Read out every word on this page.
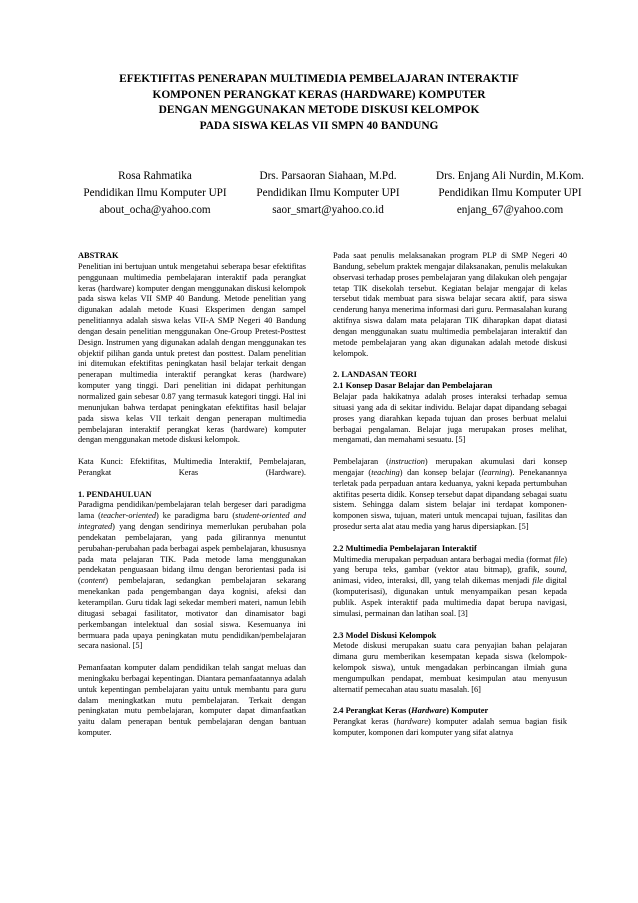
EFEKTIFITAS PENERAPAN MULTIMEDIA PEMBELAJARAN INTERAKTIF
KOMPONEN PERANGKAT KERAS (HARDWARE) KOMPUTER
DENGAN MENGGUNAKAN METODE DISKUSI KELOMPOK
PADA SISWA KELAS VII SMPN 40 BANDUNG
Rosa Rahmatika
Pendidikan Ilmu Komputer UPI
about_ocha@yahoo.com
Drs. Parsaoran Siahaan, M.Pd.
Pendidikan Ilmu Komputer UPI
saor_smart@yahoo.co.id
Drs. Enjang Ali Nurdin, M.Kom.
Pendidikan Ilmu Komputer UPI
enjang_67@yahoo.com

ABSTRAK

Penelitian ini bertujuan untuk mengetahui seberapa besar efektifitas penggunaan multimedia pembelajaran interaktif pada perangkat keras (hardware) komputer dengan menggunakan diskusi kelompok pada siswa kelas VII SMP 40 Bandung. Metode penelitian yang digunakan adalah metode Kuasi Eksperimen dengan sampel penelitiannya adalah siswa kelas VII-A SMP Negeri 40 Bandung dengan desain penelitian menggunakan One-Group Pretest-Posttest Design. Instrumen yang digunakan adalah dengan menggunakan tes objektif pilihan ganda untuk pretest dan posttest. Dalam penelitian ini ditemukan efektifitas peningkatan hasil belajar terkait dengan penerapan multimedia interaktif perangkat keras (hardware) komputer yang tinggi. Dari penelitian ini didapat perhitungan normalized gain sebesar 0.87 yang termasuk kategori tinggi. Hal ini menunjukan bahwa terdapat peningkatan efektifitas hasil belajar pada siswa kelas VII terkait dengan penerapan multimedia pembelajaran interaktif perangkat keras (hardware) komputer dengan menggunakan metode diskusi kelompok.

Kata Kunci: Efektifitas, Multimedia Interaktif, Pembelajaran, Perangkat Keras (Hardware).

1. PENDAHULUAN

Paradigma pendidikan/pembelajaran telah bergeser dari paradigma lama (teacher-oriented) ke paradigma baru (student-oriented and integrated) yang dengan sendirinya memerlukan perubahan pola pendekatan pembelajaran, yang pada gilirannya menuntut perubahan-perubahan pada berbagai aspek pembelajaran, khususnya pada mata pelajaran TIK. Pada metode lama menggunakan pendekatan penguasaan bidang ilmu dengan berorientasi pada isi (content) pembelajaran, sedangkan pembelajaran sekarang menekankan pada pengembangan daya kognisi, afeksi dan keterampilan. Guru tidak lagi sekedar memberi materi, namun lebih ditugasi sebagai fasilitator, motivator dan dinamisator bagi perkembangan intelektual dan sosial siswa. Kesemuanya ini bermuara pada upaya peningkatan mutu pendidikan/pembelajaran secara nasional. [5]

Pemanfaatan komputer dalam pendidikan telah sangat meluas dan meningkaku berbagai kepentingan. Diantara pemanfaatannya adalah untuk kepentingan pembelajaran yaitu untuk membantu para guru dalam meningkatkan mutu pembelajaran. Terkait dengan peningkatan mutu pembelajaran, komputer dapat dimanfaatkan yaitu dalam penerapan bentuk pembelajaran dengan bantuan komputer.

Pada saat penulis melaksanakan program PLP di SMP Negeri 40 Bandung, sebelum praktek mengajar dilaksanakan, penulis melakukan observasi terhadap proses pembelajaran yang dilakukan oleh pengajar tetap TIK disekolah tersebut. Kegiatan belajar mengajar di kelas tersebut tidak membuat para siswa belajar secara aktif, para siswa cenderung hanya menerima informasi dari guru. Permasalahan kurang aktifnya siswa dalam mata pelajaran TIK diharapkan dapat diatasi dengan menggunakan suatu multimedia pembelajaran interaktif dan metode pembelajaran yang akan digunakan adalah metode diskusi kelompok.

2. LANDASAN TEORI

2.1 Konsep Dasar Belajar dan Pembelajaran

Belajar pada hakikatnya adalah proses interaksi terhadap semua situasi yang ada di sekitar individu. Belajar dapat dipandang sebagai proses yang diarahkan kepada tujuan dan proses berbuat melalui berbagai pengalaman. Belajar juga merupakan proses melihat, mengamati, dan memahami sesuatu. [5]

Pembelajaran (instruction) merupakan akumulasi dari konsep mengajar (teaching) dan konsep belajar (learning). Penekanannya terletak pada perpaduan antara keduanya, yakni kepada pertumbuhan aktifitas peserta didik. Konsep tersebut dapat dipandang sebagai suatu sistem. Sehingga dalam sistem belajar ini terdapat komponen-komponen siswa, tujuan, materi untuk mencapai tujuan, fasilitas dan prosedur serta alat atau media yang harus dipersiapkan. [5]

2.2 Multimedia Pembelajaran Interaktif

Multimedia merupakan perpaduan antara berbagai media (format file) yang berupa teks, gambar (vektor atau bitmap), grafik, sound, animasi, video, interaksi, dll, yang telah dikemas menjadi file digital (komputerisasi), digunakan untuk menyampaikan pesan kepada publik. Aspek interaktif pada multimedia dapat berupa navigasi, simulasi, permainan dan latihan soal. [3]

2.3 Model Diskusi Kelompok

Metode diskusi merupakan suatu cara penyajian bahan pelajaran dimana guru memberikan kesempatan kepada siswa (kelompok-kelompok siswa), untuk mengadakan perbincangan ilmiah guna mengumpulkan pendapat, membuat kesimpulan atau menyusun alternatif pemecahan atau suatu masalah. [6]

2.4 Perangkat Keras (Hardware) Komputer

Perangkat keras (hardware) komputer adalah semua bagian fisik komputer, komponen dari komputer yang sifat alatnya
